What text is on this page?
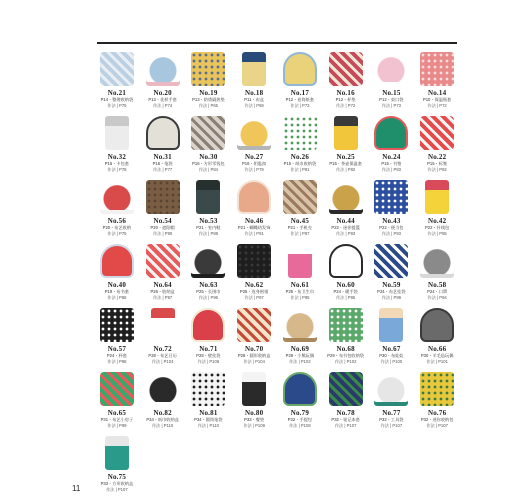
No.21
P14・整理收纳袋
作法 | P75
No.20
P13・花样手套
作法 | P74
No.19
P13・防烫隔热垫
作法 | P65
No.18
P11・布盒
作法 | P69
No.17
P12・卷筒纸套
作法 | P73
No.16
P12・杯垫
作法 | P72
No.15
P12・束口袋
作法 | P73
No.14
P10・保温瓶套
作法 | P72
No.32
P16・卡包套
作法 | P78
No.31
P16・笔袋
作法 | P77
No.30
P16・方形零钱包
作法 | P84
No.27
P16・钥匙扣
作法 | P79
No.26
P15・纸巾收纳袋
作法 | P81
No.25
P15・茶壶保温套
作法 | P82
No.24
P15・书签
作法 | P83
No.22
P15・标签
作法 | P82
No.56
P20・布艺收纳
作法 | P75
No.54
P20・遮阳帽
作法 | P90
No.53
P21・室内鞋
作法 | P88
No.46
P21・蝴蝶结发饰
作法 | P91
No.45
P21・手机壳
作法 | P87
No.44
P22・迷你提篮
作法 | P93
No.43
P22・便当包
作法 | P93
No.42
P22・针线包
作法 | P95
No.40
P19・布书套
作法 | P86
No.64
P26・收纳盒
作法 | P97
No.63
P25・长围巾
作法 | P96
No.62
P25・连身围裙
作法 | P97
No.61
P25・布卫生巾
作法 | P95
No.60
P24・暖手袋
作法 | P95
No.59
P24・布艺挂袋
作法 | P99
No.58
P24・口罩
作法 | P94
No.57
P24・杯套
作法 | P98
No.72
P28・布艺日历
作法 | P104
No.71
P28・壁挂袋
作法 | P106
No.70
P28・圆形收纳盒
作法 | P104
No.69
P29・小熊玩偶
作法 | P102
No.68
P29・布书包收纳袋
作法 | P102
No.67
P30・布娃娃
作法 | P100
No.66
P30・羊毛毡玩偶
作法 | P101
No.65
P31・布艺小房子
作法 | P99
No.82
P34・纸巾收纳盒
作法 | P110
No.81
P34・圆筒笔袋
作法 | P110
No.80
P33・餐垫
作法 | P109
No.79
P32・手提包
作法 | P108
No.78
P32・笔记本套
作法 | P107
No.77
P32・工具袋
作法 | P107
No.76
P32・迷你收纳包
作法 | P107
No.75
P33・方形收纳盒
作法 | P107
11
